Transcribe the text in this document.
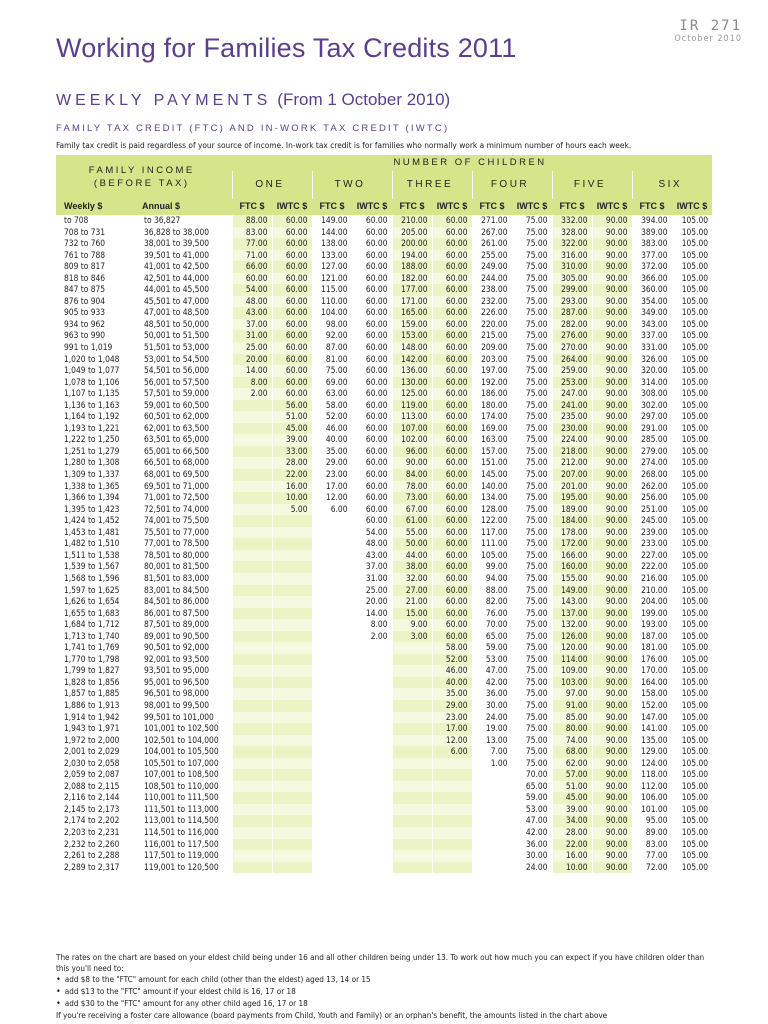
IR 271
October 2010
Working for Families Tax Credits 2011
WEEKLY PAYMENTS (From 1 October 2010)
FAMILY TAX CREDIT (FTC) AND IN-WORK TAX CREDIT (IWTC)
Family tax credit is paid regardless of your source of income. In-work tax credit is for families who normally work a minimum number of hours each week.
FAMILY INCOME
(BEFORE TAX)		NUMBER OF CHILDREN											
		ONE		TWO		THREE		FOUR		FIVE		SIX	
Weekly $	Annual $	FTC $	IWTC $	FTC $	IWTC $	FTC $	IWTC $	FTC $	IWTC $	FTC $	IWTC $	FTC $	IWTC $
to 708	to 36,827	88.00	60.00	149.00	60.00	210.00	60.00	271.00	75.00	332.00	90.00	394.00	105.00
708 to 731	36,828 to 38,000	83.00	60.00	144.00	60.00	205.00	60.00	267.00	75.00	328.00	90.00	389.00	105.00
732 to 760	38,001 to 39,500	77.00	60.00	138.00	60.00	200.00	60.00	261.00	75.00	322.00	90.00	383.00	105.00
761 to 788	39,501 to 41,000	71.00	60.00	133.00	60.00	194.00	60.00	255.00	75.00	316.00	90.00	377.00	105.00
809 to 817	41,001 to 42,500	66.00	60.00	127.00	60.00	188.00	60.00	249.00	75.00	310.00	90.00	372.00	105.00
818 to 846	42,501 to 44,000	60.00	60.00	121.00	60.00	182.00	60.00	244.00	75.00	305.00	90.00	366.00	105.00
847 to 875	44,001 to 45,500	54.00	60.00	115.00	60.00	177.00	60.00	238.00	75.00	299.00	90.00	360.00	105.00
876 to 904	45,501 to 47,000	48.00	60.00	110.00	60.00	171.00	60.00	232.00	75.00	293.00	90.00	354.00	105.00
905 to 933	47,001 to 48,500	43.00	60.00	104.00	60.00	165.00	60.00	226.00	75.00	287.00	90.00	349.00	105.00
934 to 962	48,501 to 50,000	37.00	60.00	98.00	60.00	159.00	60.00	220.00	75.00	282.00	90.00	343.00	105.00
963 to 990	50,001 to 51,500	31.00	60.00	92.00	60.00	153.00	60.00	215.00	75.00	276.00	90.00	337.00	105.00
991 to 1,019	51,501 to 53,000	25.00	60.00	87.00	60.00	148.00	60.00	209.00	75.00	270.00	90.00	331.00	105.00
1,020 to 1,048	53,001 to 54,500	20.00	60.00	81.00	60.00	142.00	60.00	203.00	75.00	264.00	90.00	326.00	105.00
1,049 to 1,077	54,501 to 56,000	14.00	60.00	75.00	60.00	136.00	60.00	197.00	75.00	259.00	90.00	320.00	105.00
1,078 to 1,106	56,001 to 57,500	8.00	60.00	69.00	60.00	130.00	60.00	192.00	75.00	253.00	90.00	314.00	105.00
1,107 to 1,135	57,501 to 59,000	2.00	60.00	63.00	60.00	125.00	60.00	186.00	75.00	247.00	90.00	308.00	105.00
1,136 to 1,163	59,001 to 60,500		56.00	58.00	60.00	119.00	60.00	180.00	75.00	241.00	90.00	302.00	105.00
1,164 to 1,192	60,501 to 62,000		51.00	52.00	60.00	113.00	60.00	174.00	75.00	235.00	90.00	297.00	105.00
1,193 to 1,221	62,001 to 63,500		45.00	46.00	60.00	107.00	60.00	169.00	75.00	230.00	90.00	291.00	105.00
1,222 to 1,250	63,501 to 65,000		39.00	40.00	60.00	102.00	60.00	163.00	75.00	224.00	90.00	285.00	105.00
1,251 to 1,279	65,001 to 66,500		33.00	35.00	60.00	96.00	60.00	157.00	75.00	218.00	90.00	279.00	105.00
1,280 to 1,308	66,501 to 68,000		28.00	29.00	60.00	90.00	60.00	151.00	75.00	212.00	90.00	274.00	105.00
1,309 to 1,337	68,001 to 69,500		22.00	23.00	60.00	84.00	60.00	145.00	75.00	207.00	90.00	268.00	105.00
1,338 to 1,365	69,501 to 71,000		16.00	17.00	60.00	78.00	60.00	140.00	75.00	201.00	90.00	262.00	105.00
1,366 to 1,394	71,001 to 72,500		10.00	12.00	60.00	73.00	60.00	134.00	75.00	195.00	90.00	256.00	105.00
1,395 to 1,423	72,501 to 74,000		5.00	6.00	60.00	67.00	60.00	128.00	75.00	189.00	90.00	251.00	105.00
1,424 to 1,452	74,001 to 75,500				60.00	61.00	60.00	122.00	75.00	184.00	90.00	245.00	105.00
1,453 to 1,481	75,501 to 77,000				54.00	55.00	60.00	117.00	75.00	178.00	90.00	239.00	105.00
1,482 to 1,510	77,001 to 78,500				48.00	50.00	60.00	111.00	75.00	172.00	90.00	233.00	105.00
1,511 to 1,538	78,501 to 80,000				43.00	44.00	60.00	105.00	75.00	166.00	90.00	227.00	105.00
1,539 to 1,567	80,001 to 81,500				37.00	38.00	60.00	99.00	75.00	160.00	90.00	222.00	105.00
1,568 to 1,596	81,501 to 83,000				31.00	32.00	60.00	94.00	75.00	155.00	90.00	216.00	105.00
1,597 to 1,625	83,001 to 84,500				25.00	27.00	60.00	88.00	75.00	149.00	90.00	210.00	105.00
1,626 to 1,654	84,501 to 86,000				20.00	21.00	60.00	82.00	75.00	143.00	90.00	204.00	105.00
1,655 to 1,683	86,001 to 87,500				14.00	15.00	60.00	76.00	75.00	137.00	90.00	199.00	105.00
1,684 to 1,712	87,501 to 89,000				8.00	9.00	60.00	70.00	75.00	132.00	90.00	193.00	105.00
1,713 to 1,740	89,001 to 90,500				2.00	3.00	60.00	65.00	75.00	126.00	90.00	187.00	105.00
1,741 to 1,769	90,501 to 92,000						58.00	59.00	75.00	120.00	90.00	181.00	105.00
1,770 to 1,798	92,001 to 93,500						52.00	53.00	75.00	114.00	90.00	176.00	105.00
1,799 to 1,827	93,501 to 95,000						46.00	47.00	75.00	109.00	90.00	170.00	105.00
1,828 to 1,856	95,001 to 96,500						40.00	42.00	75.00	103.00	90.00	164.00	105.00
1,857 to 1,885	96,501 to 98,000						35.00	36.00	75.00	97.00	90.00	158.00	105.00
1,886 to 1,913	98,001 to 99,500						29.00	30.00	75.00	91.00	90.00	152.00	105.00
1,914 to 1,942	99,501 to 101,000						23.00	24.00	75.00	85.00	90.00	147.00	105.00
1,943 to 1,971	101,001 to 102,500						17.00	19.00	75.00	80.00	90.00	141.00	105.00
1,972 to 2,000	102,501 to 104,000						12.00	13.00	75.00	74.00	90.00	135.00	105.00
2,001 to 2,029	104,001 to 105,500						6.00	7.00	75.00	68.00	90.00	129.00	105.00
2,030 to 2,058	105,501 to 107,000							1.00	75.00	62.00	90.00	124.00	105.00
2,059 to 2,087	107,001 to 108,500								70.00	57.00	90.00	118.00	105.00
2,088 to 2,115	108,501 to 110,000								65.00	51.00	90.00	112.00	105.00
2,116 to 2,144	110,001 to 111,500								59.00	45.00	90.00	106.00	105.00
2,145 to 2,173	111,501 to 113,000								53.00	39.00	90.00	101.00	105.00
2,174 to 2,202	113,001 to 114,500								47.00	34.00	90.00	95.00	105.00
2,203 to 2,231	114,501 to 116,000								42.00	28.00	90.00	89.00	105.00
2,232 to 2,260	116,001 to 117,500								36.00	22.00	90.00	83.00	105.00
2,261 to 2,288	117,501 to 119,000								30.00	16.00	90.00	77.00	105.00
2,289 to 2,317	119,001 to 120,500								24.00	10.00	90.00	72.00	105.00
The rates on the chart are based on your eldest child being under 16 and all other children being under 13. To work out how much you can expect if you have children older than this you'll need to:
• add $8 to the "FTC" amount for each child (other than the eldest) aged 13, 14 or 15
• add $13 to the "FTC" amount if your eldest child is 16, 17 or 18
• add $30 to the "FTC" amount for any other child aged 16, 17 or 18
If you're receiving a foster care allowance (board payments from Child, Youth and Family) or an orphan's benefit, the amounts listed in the chart above
